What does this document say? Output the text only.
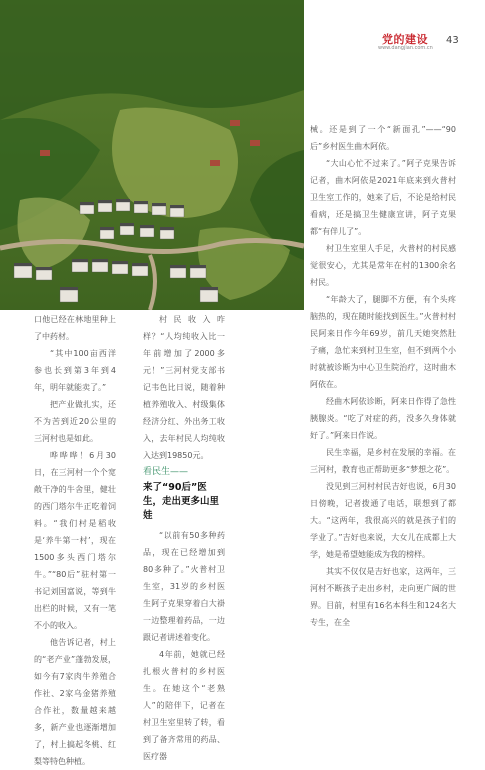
党的建设
www.dangjian.com.cn
43

口他已经在林地里种上了中药材。

“其中100亩西洋参也长到第3年到4年，明年就能卖了。”

把产业做扎实，还不为苦到近20公里的三河村也是如此。

哗哗哗！6月30日，在三河村一个个宽敞干净的牛舍里，健壮的西门塔尔牛正吃着饲料。“我们村是稻收是‘养牛第一村’，现在1500多头西门塔尔牛。”“80后”驻村第一书记刘国富说，等到牛出栏的时候，又有一笔不小的收入。

他告诉记者，村上的“老产业”蓬勃发展，如今有7家肉牛养殖合作社、2家乌金猪养殖合作社，数量越来越多，新产业也逐渐增加了，村上搞起冬桃、红梨等特色种植。

村民收入咋样？“人均纯收入比一年前增加了2000多元！”三河村党支部书记韦色比日说，随着种植养殖收入、村级集体经济分红、外出务工收入，去年村民人均纯收入达到19850元。

看民生——

来了“90后”医生，走出更多山里娃

“以前有50多种药品，现在已经增加到80多种了。”火普村卫生室，31岁的乡村医生阿子克果穿着白大褂一边整理着药品，一边跟记者讲述着变化。

4年前，她就已经扎根火普村的乡村医生。在她这个“老熟人”的陪伴下，记者在村卫生室里转了转，看到了备齐常用的药品、医疗器

械。还是到了一个“新面孔”——“90后”乡村医生曲木阿依。

“大山心忙不过来了。”阿子克果告诉记者，曲木阿依是2021年底来到火普村卫生室工作的，她来了后，不论是给村民看病，还是搞卫生健康宣讲，阿子克果都“有伴儿了”。

村卫生室里人手足，火普村的村民感觉很安心，尤其是常年在村的1300余名村民。

“年龄大了，腿脚不方便，有个头疼脑热的，现在随时能找到医生。”火普村村民阿来日作今年69岁，前几天她突然肚子痛，急忙来到村卫生室，但不到两个小时就被诊断为中心卫生院治疗，这时曲木阿依在。

经曲木阿依诊断，阿来日作得了急性胰腺炎。“吃了对症的药，没多久身体就好了。”阿来日作说。

民生幸福，是乡村在发展的幸福。在三河村，教育也正帮助更多“梦想之花”。

没见到三河村村民吉好也说，6月30日傍晚，记者拨通了电话，联想到了都大。“这两年，我很高兴的就是孩子们的学业了。”吉好也来说，大女儿在成都上大学，她是希望她能成为我的榜样。

其实不仅仅是吉好也家，这两年，三河村不断孩子走出乡村，走向更广阔的世界。目前，村里有16名本科生和124名大专生，在全
